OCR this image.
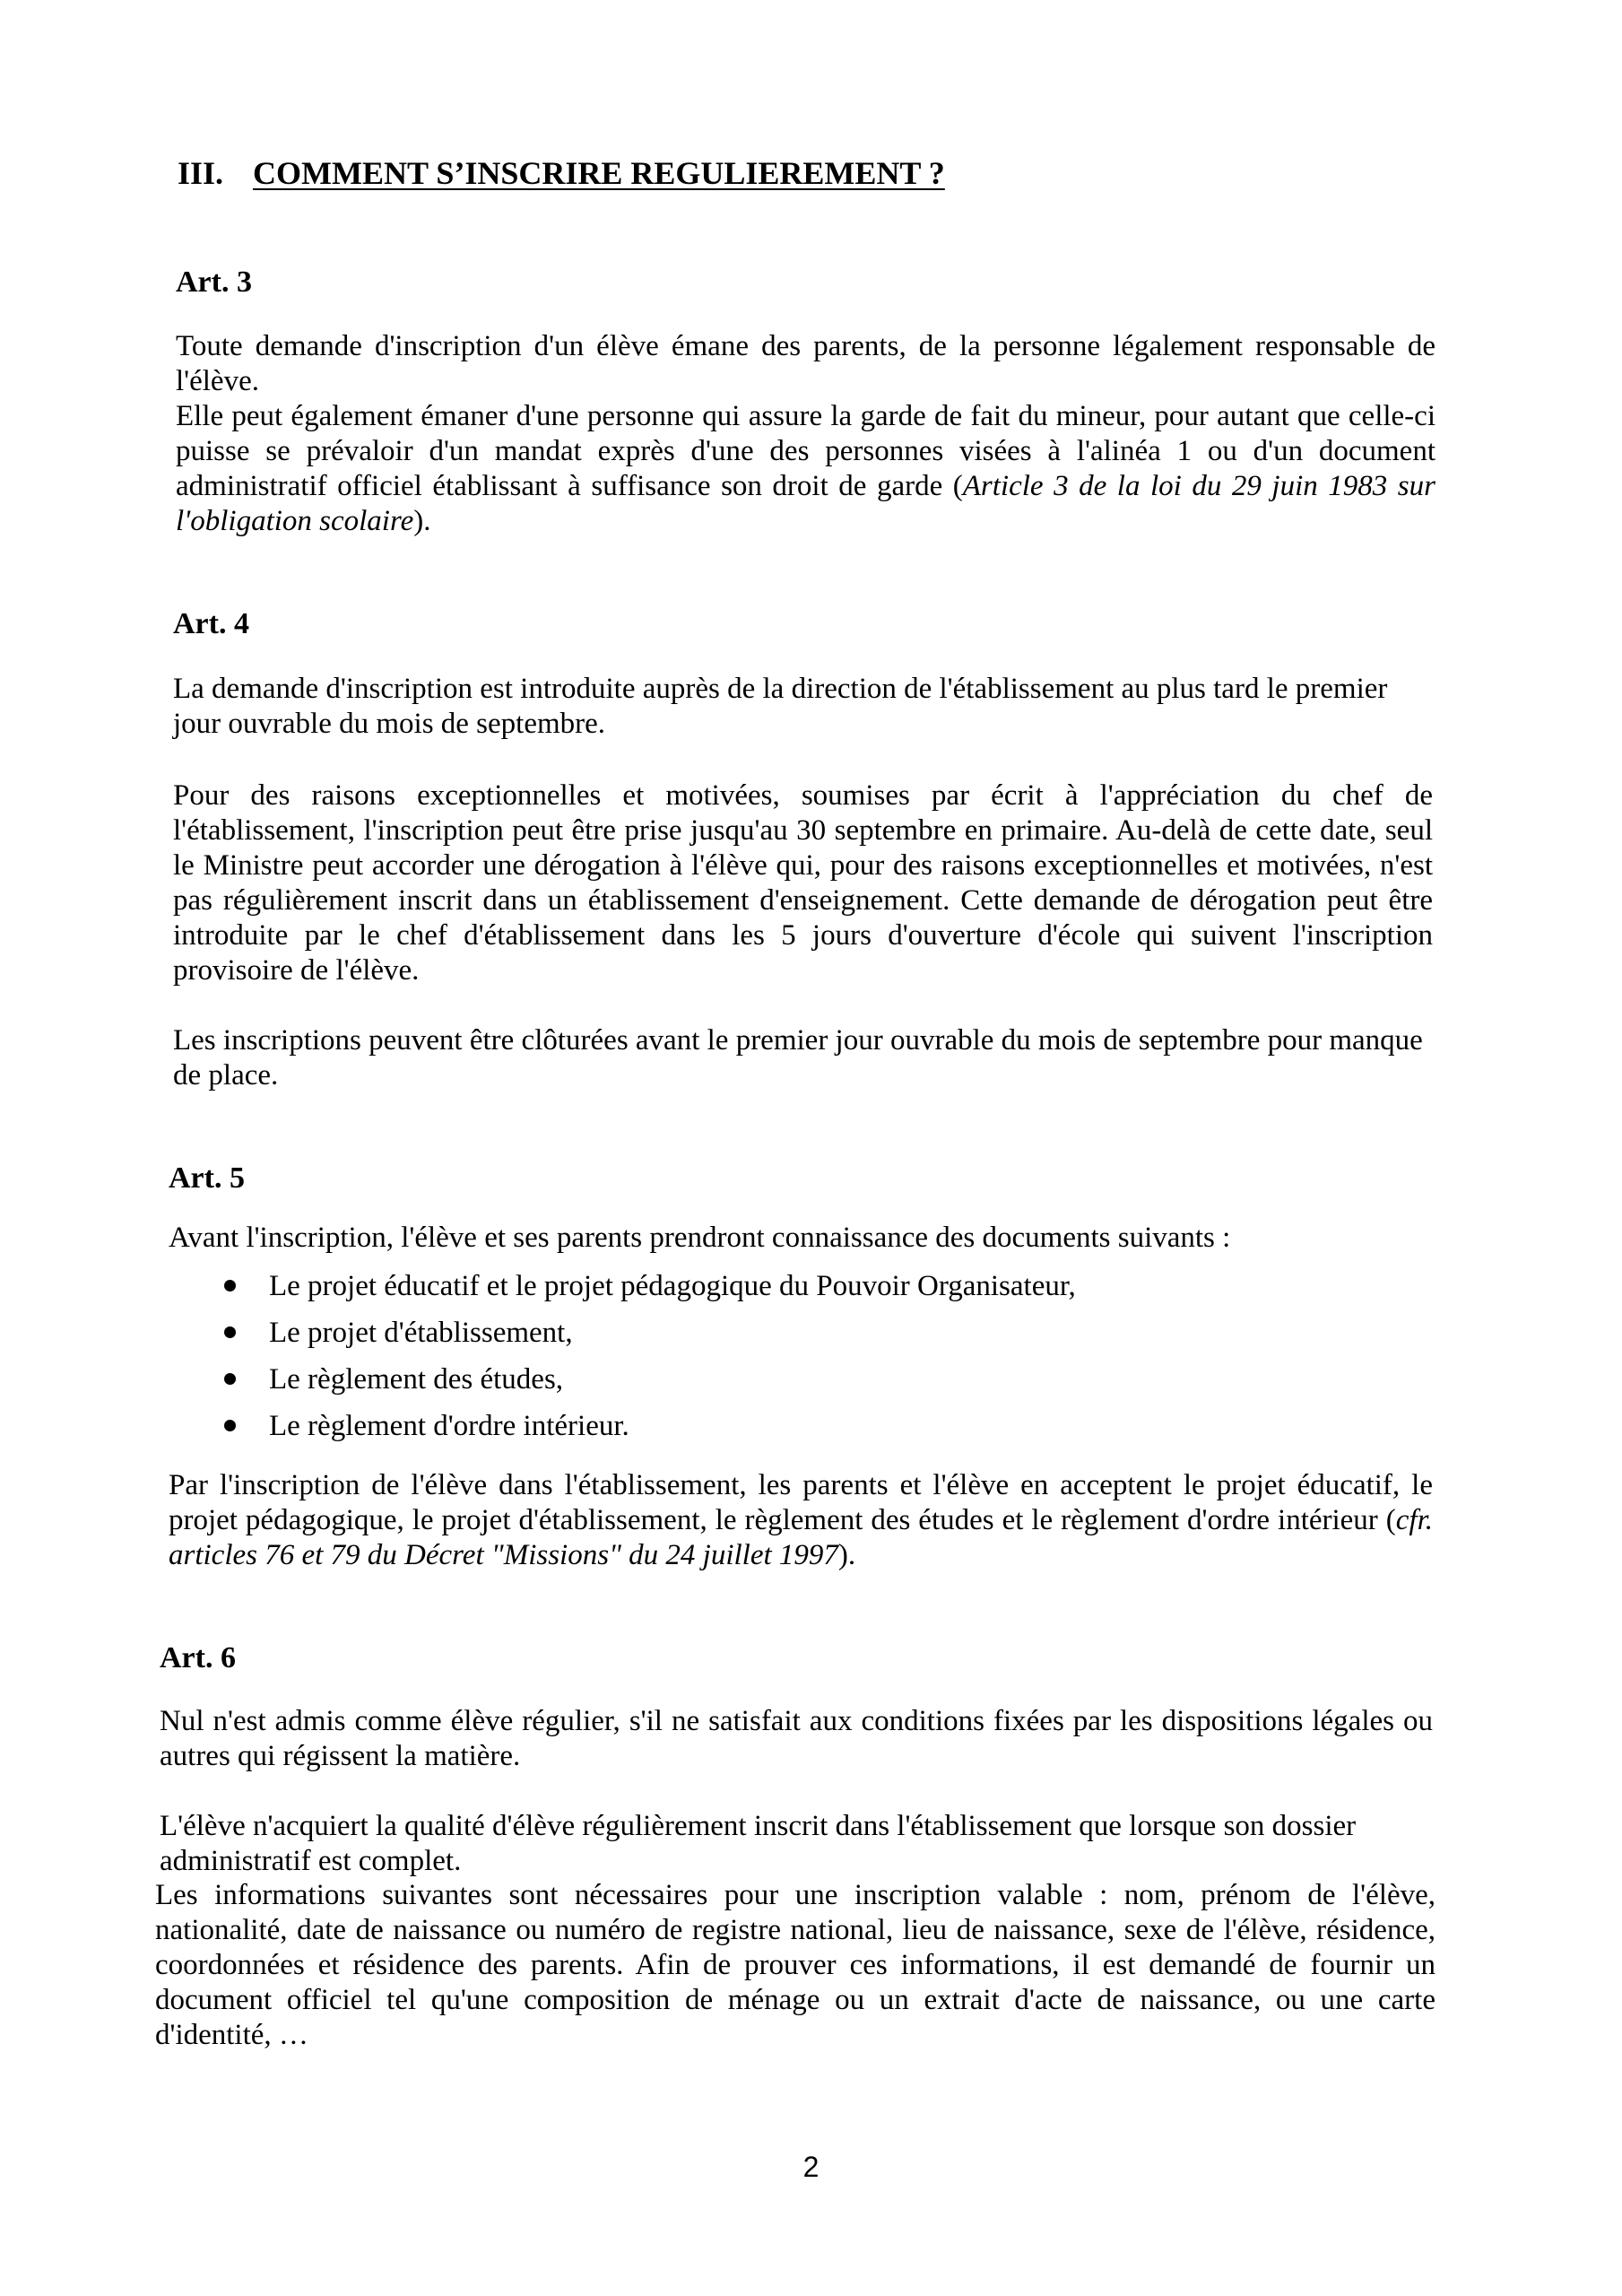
III. COMMENT S’INSCRIRE REGULIEREMENT ?
Art. 3

Toute demande d'inscription d'un élève émane des parents, de la personne légalement responsable de l'élève.

Elle peut également émaner d'une personne qui assure la garde de fait du mineur, pour autant que celle-ci puisse se prévaloir d'un mandat exprès d'une des personnes visées à l'alinéa 1 ou d'un document administratif officiel établissant à suffisance son droit de garde (Article 3 de la loi du 29 juin 1983 sur l'obligation scolaire).

Art. 4

La demande d'inscription est introduite auprès de la direction de l'établissement au plus tard le premier jour ouvrable du mois de septembre.

Pour des raisons exceptionnelles et motivées, soumises par écrit à l'appréciation du chef de l'établissement, l'inscription peut être prise jusqu'au 30 septembre en primaire. Au-delà de cette date, seul le Ministre peut accorder une dérogation à l'élève qui, pour des raisons exceptionnelles et motivées, n'est pas régulièrement inscrit dans un établissement d'enseignement. Cette demande de dérogation peut être introduite par le chef d'établissement dans les 5 jours d'ouverture d'école qui suivent l'inscription provisoire de l'élève.

Les inscriptions peuvent être clôturées avant le premier jour ouvrable du mois de septembre pour manque de place.

Art. 5

Avant l'inscription, l'élève et ses parents prendront connaissance des documents suivants :

Le projet éducatif et le projet pédagogique du Pouvoir Organisateur,
Le projet d'établissement,
Le règlement des études,
Le règlement d'ordre intérieur.

Par l'inscription de l'élève dans l'établissement, les parents et l'élève en acceptent le projet éducatif, le projet pédagogique, le projet d'établissement, le règlement des études et le règlement d'ordre intérieur (cfr. articles 76 et 79 du Décret "Missions" du 24 juillet 1997).

Art. 6

Nul n'est admis comme élève régulier, s'il ne satisfait aux conditions fixées par les dispositions légales ou autres qui régissent la matière.

L'élève n'acquiert la qualité d'élève régulièrement inscrit dans l'établissement que lorsque son dossier administratif est complet.

Les informations suivantes sont nécessaires pour une inscription valable : nom, prénom de l'élève, nationalité, date de naissance ou numéro de registre national, lieu de naissance, sexe de l'élève, résidence, coordonnées et résidence des parents. Afin de prouver ces informations, il est demandé de fournir un document officiel tel qu'une composition de ménage ou un extrait d'acte de naissance, ou une carte d'identité, …

2
